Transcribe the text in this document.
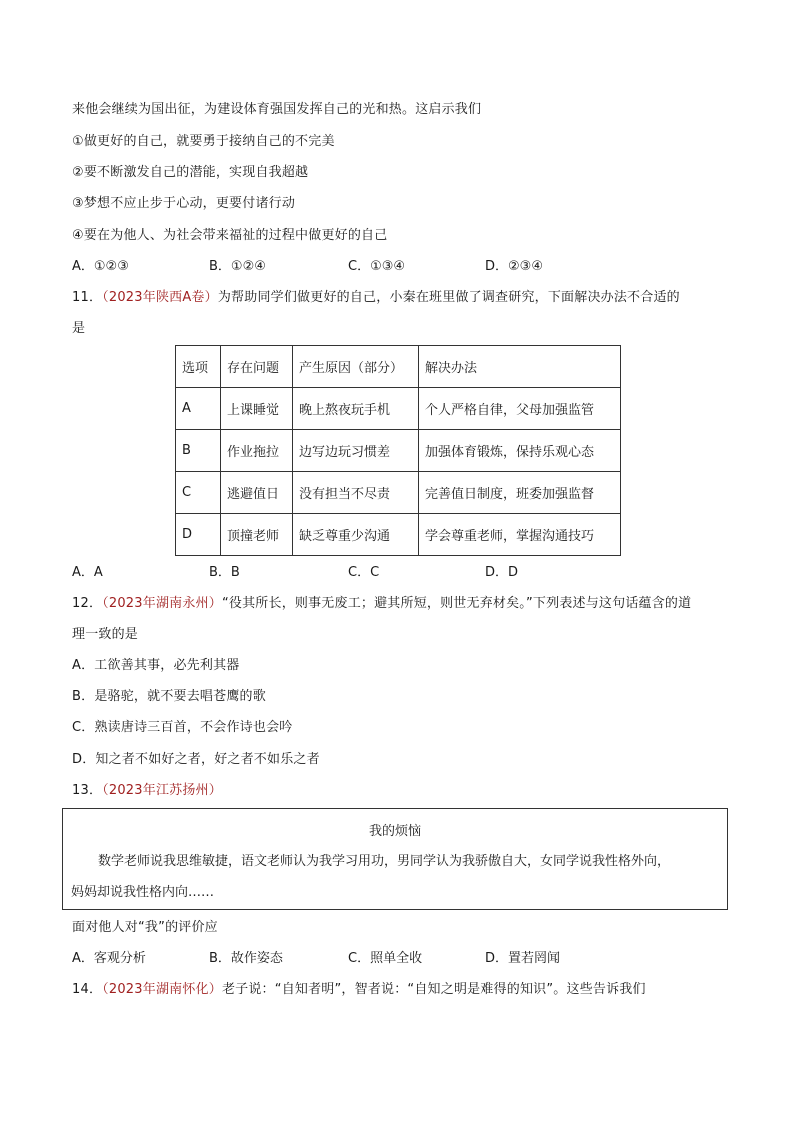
来他会继续为国出征，为建设体育强国发挥自己的光和热。这启示我们
①做更好的自己，就要勇于接纳自己的不完美
②要不断激发自己的潜能，实现自我超越
③梦想不应止步于心动，更要付诸行动
④要在为他人、为社会带来福祉的过程中做更好的自己
A．①②③	B．①②④	C．①③④	D．②③④
11．（2023年陕西A卷）为帮助同学们做更好的自己，小秦在班里做了调查研究，下面解决办法不合适的
是
选项	存在问题	产生原因（部分）	解决办法
A	上课睡觉	晚上熬夜玩手机	个人严格自律，父母加强监管
B	作业拖拉	边写边玩习惯差	加强体育锻炼，保持乐观心态
C	逃避值日	没有担当不尽责	完善值日制度，班委加强监督
D	顶撞老师	缺乏尊重少沟通	学会尊重老师，掌握沟通技巧
A．A	B．B	C．C	D．D
12．（2023年湖南永州）“役其所长，则事无废工；避其所短，则世无弃材矣。”下列表述与这句话蕴含的道
理一致的是
A．工欲善其事，必先利其器
B．是骆驼，就不要去唱苍鹰的歌
C．熟读唐诗三百首，不会作诗也会吟
D．知之者不如好之者，好之者不如乐之者
13．（2023年江苏扬州）
我的烦恼
数学老师说我思维敏捷，语文老师认为我学习用功，男同学认为我骄傲自大，女同学说我性格外向，
妈妈却说我性格内向……
面对他人对“我”的评价应
A．客观分析	B．故作姿态	C．照单全收	D．置若罔闻
14．（2023年湖南怀化）老子说：“自知者明”，智者说：“自知之明是难得的知识”。这些告诉我们
